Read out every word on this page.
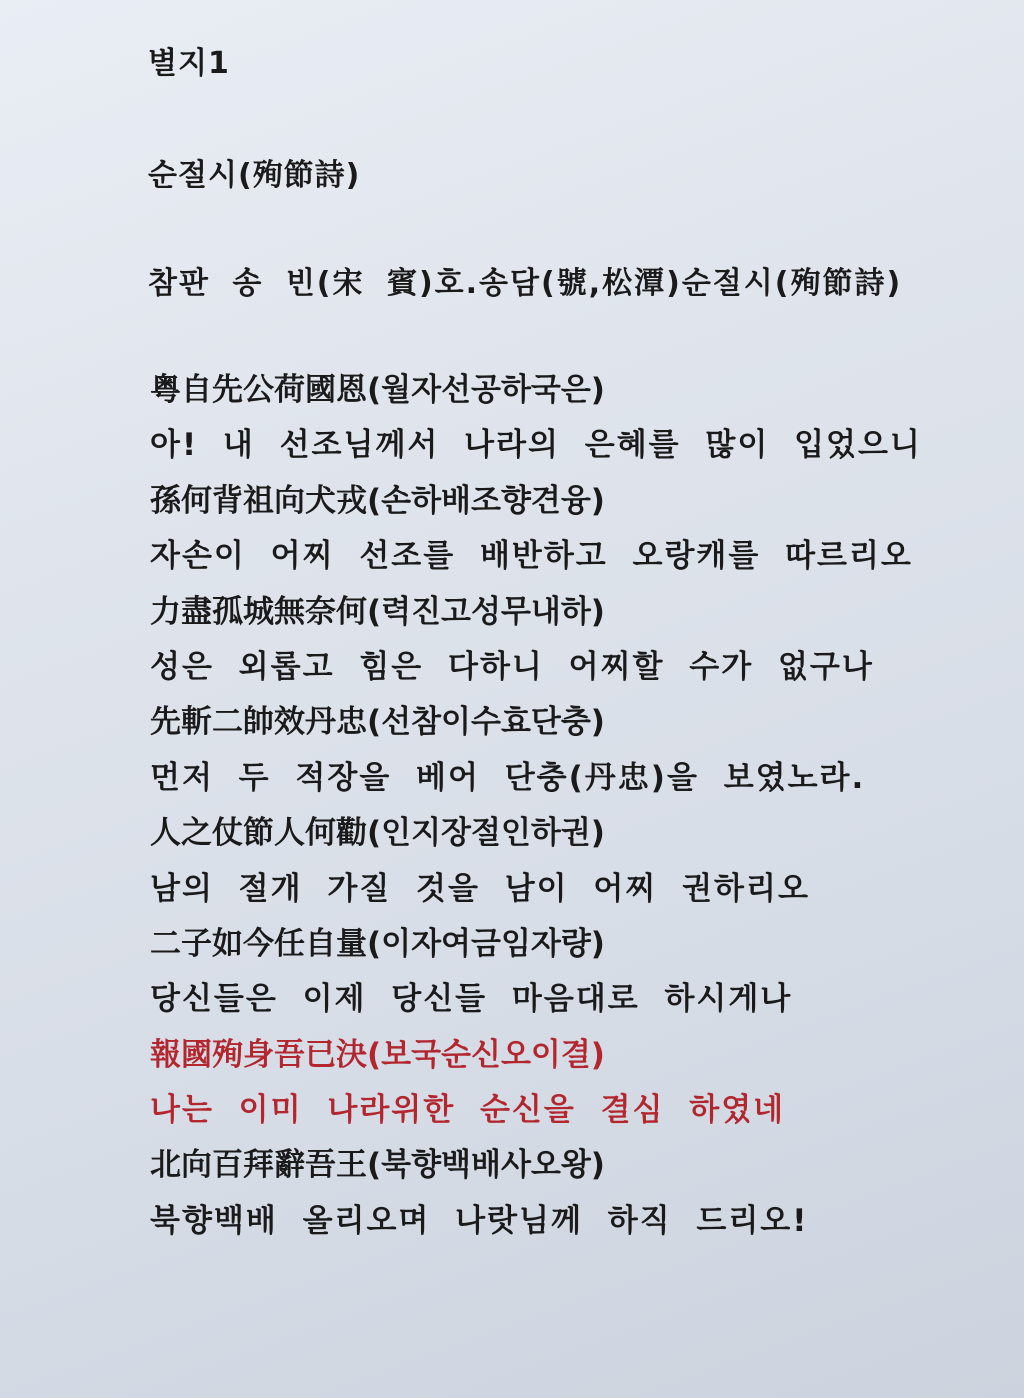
별지1
순절시(殉節詩)
참판 송 빈(宋 賓)호.송담(號,松潭)순절시(殉節詩)
粤自先公荷國恩(월자선공하국은)
아! 내 선조님께서 나라의 은혜를 많이 입었으니
孫何背祖向犬戎(손하배조향견융)
자손이 어찌 선조를 배반하고 오랑캐를 따르리오
力盡孤城無奈何(력진고성무내하)
성은 외롭고 힘은 다하니 어찌할 수가 없구나
先斬二帥效丹忠(선참이수효단충)
먼저 두 적장을 베어 단충(丹忠)을 보였노라.
人之仗節人何勸(인지장절인하권)
남의 절개 가질 것을 남이 어찌 권하리오
二子如今任自量(이자여금임자량)
당신들은 이제 당신들 마음대로 하시게나
報國殉身吾已決(보국순신오이결)
나는 이미 나라위한 순신을 결심 하였네
北向百拜辭吾王(북향백배사오왕)
북향백배 올리오며 나랏님께 하직 드리오!
